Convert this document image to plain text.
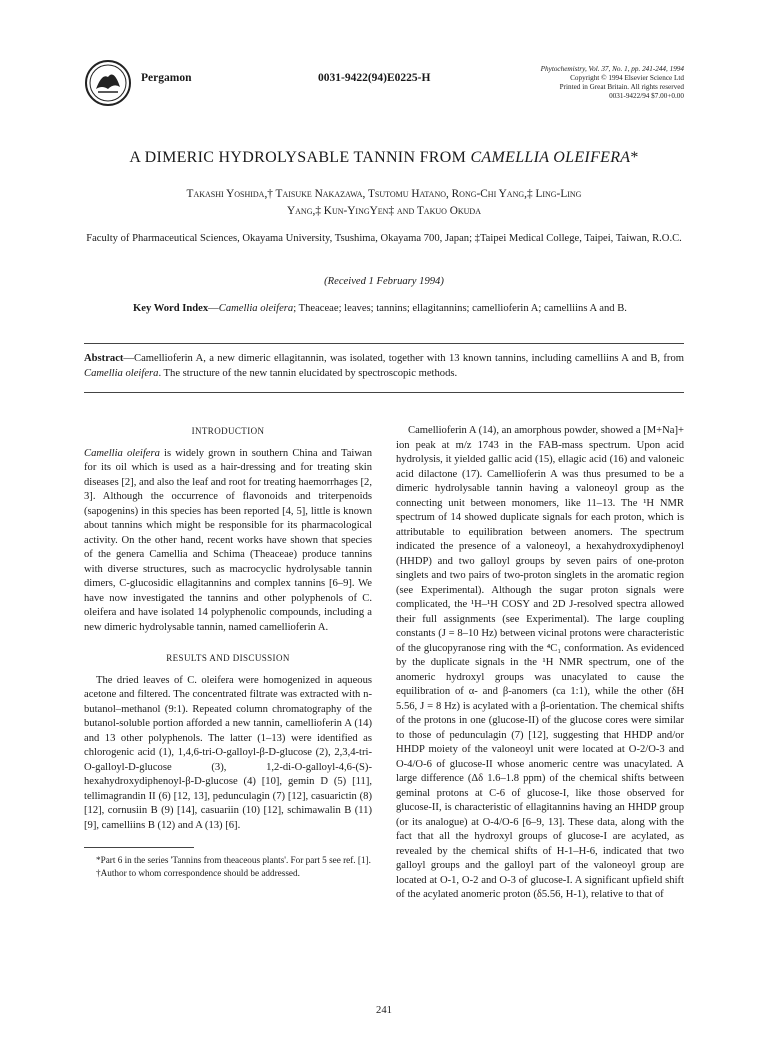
Pergamon	0031-9422(94)E0225-H
Phytochemistry, Vol. 37, No. 1, pp. 241-244, 1994
Copyright © 1994 Elsevier Science Ltd
Printed in Great Britain. All rights reserved
0031-9422/94 $7.00+0.00
A DIMERIC HYDROLYSABLE TANNIN FROM CAMELLIA OLEIFERA*
Takashi Yoshida,† Taisuke Nakazawa, Tsutomu Hatano, Rong-Chi Yang,‡ Ling-Ling
Yang,‡ Kun-YingYen‡ and Takuo Okuda
Faculty of Pharmaceutical Sciences, Okayama University, Tsushima, Okayama 700, Japan; ‡Taipei Medical College, Taipei, Taiwan, R.O.C.
(Received 1 February 1994)
Key Word Index—Camellia oleifera; Theaceae; leaves; tannins; ellagitannins; camellioferin A; camelliins A and B.
Abstract—Camellioferin A, a new dimeric ellagitannin, was isolated, together with 13 known tannins, including camelliins A and B, from Camellia oleifera. The structure of the new tannin elucidated by spectroscopic methods.
INTRODUCTION

Camellia oleifera is widely grown in southern China and Taiwan for its oil which is used as a hair-dressing and for treating skin diseases [2], and also the leaf and root for treating haemorrhages [2, 3]. Although the occurrence of flavonoids and triterpenoids (sapogenins) in this species has been reported [4, 5], little is known about tannins which might be responsible for its pharmacological activity. On the other hand, recent works have shown that species of the genera Camellia and Schima (Theaceae) produce tannins with diverse structures, such as macrocyclic hydrolysable tannin dimers, C-glucosidic ellagitannins and complex tannins [6–9]. We have now investigated the tannins and other polyphenols of C. oleifera and have isolated 14 polyphenolic compounds, including a new dimeric hydrolysable tannin, named camellioferin A.

RESULTS AND DISCUSSION

The dried leaves of C. oleifera were homogenized in aqueous acetone and filtered. The concentrated filtrate was extracted with n-butanol–methanol (9:1). Repeated column chromatography of the butanol-soluble portion afforded a new tannin, camellioferin A (14) and 13 other polyphenols. The latter (1–13) were identified as chlorogenic acid (1), 1,4,6-tri-O-galloyl-β-D-glucose (2), 2,3,4-tri-O-galloyl-D-glucose (3), 1,2-di-O-galloyl-4,6-(S)-hexahydroxydiphenoyl-β-D-glucose (4) [10], gemin D (5) [11], tellimagrandin II (6) [12, 13], pedunculagin (7) [12], casuarictin (8) [12], cornusiin B (9) [14], casuariin (10) [12], schimawalin B (11) [9], camelliins B (12) and A (13) [6].

*Part 6 in the series 'Tannins from theaceous plants'. For part 5 see ref. [1].

†Author to whom correspondence should be addressed.

Camellioferin A (14), an amorphous powder, showed a [M+Na]+ ion peak at m/z 1743 in the FAB-mass spectrum. Upon acid hydrolysis, it yielded gallic acid (15), ellagic acid (16) and valoneic acid dilactone (17). Camellioferin A was thus presumed to be a dimeric hydrolysable tannin having a valoneoyl group as the connecting unit between monomers, like 11–13. The ¹H NMR spectrum of 14 showed duplicate signals for each proton, which is attributable to equilibration between anomers. The spectrum indicated the presence of a valoneoyl, a hexahydroxydiphenoyl (HHDP) and two galloyl groups by seven pairs of one-proton singlets and two pairs of two-proton singlets in the aromatic region (see Experimental). Although the sugar proton signals were complicated, the ¹H–¹H COSY and 2D J-resolved spectra allowed their full assignments (see Experimental). The large coupling constants (J = 8–10 Hz) between vicinal protons were characteristic of the glucopyranose ring with the ⁴C₁ conformation. As evidenced by the duplicate signals in the ¹H NMR spectrum, one of the anomeric hydroxyl groups was unacylated to cause the equilibration of α- and β-anomers (ca 1:1), while the other (δH 5.56, J = 8 Hz) is acylated with a β-orientation. The chemical shifts of the protons in one (glucose-II) of the glucose cores were similar to those of pedunculagin (7) [12], suggesting that HHDP and/or HHDP moiety of the valoneoyl unit were located at O-2/O-3 and O-4/O-6 of glucose-II whose anomeric centre was unacylated. A large difference (Δδ 1.6–1.8 ppm) of the chemical shifts between geminal protons at C-6 of glucose-I, like those observed for glucose-II, is characteristic of ellagitannins having an HHDP group (or its analogue) at O-4/O-6 [6–9, 13]. These data, along with the fact that all the hydroxyl groups of glucose-I are acylated, as revealed by the chemical shifts of H-1–H-6, indicated that two galloyl groups and the galloyl part of the valoneoyl group are located at O-1, O-2 and O-3 of glucose-I. A significant upfield shift of the acylated anomeric proton (δ5.56, H-1), relative to that of

241
